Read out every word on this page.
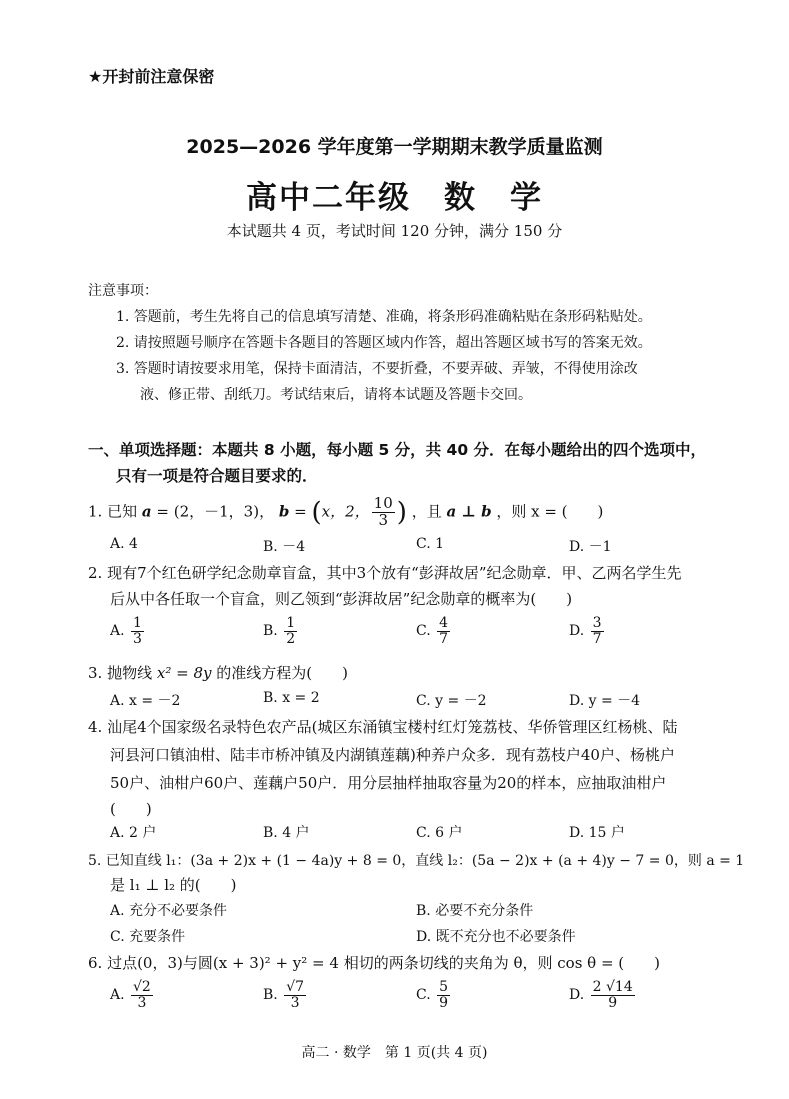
★开封前注意保密
2025—2026 学年度第一学期期末教学质量监测
高中二年级　数　学
本试题共 4 页，考试时间 120 分钟，满分 150 分
注意事项：
1. 答题前，考生先将自己的信息填写清楚、准确，将条形码准确粘贴在条形码粘贴处。
2. 请按照题号顺序在答题卡各题目的答题区域内作答，超出答题区域书写的答案无效。
3. 答题时请按要求用笔，保持卡面清洁，不要折叠，不要弄破、弄皱，不得使用涂改
液、修正带、刮纸刀。考试结束后，请将本试题及答题卡交回。
一、单项选择题：本题共 8 小题，每小题 5 分，共 40 分．在每小题给出的四个选项中，
只有一项是符合题目要求的．
1. 已知 a = (2，－1，3)， b = (x，2， $\frac{10}{3}$ ) ，且 a ⊥ b ，则 x = (　　)
A. 4	B. －4	C. 1	D. －1
2. 现有7个红色研学纪念勋章盲盒，其中3个放有“彭湃故居”纪念勋章．甲、乙两名学生先
后从中各任取一个盲盒，则乙领到“彭湃故居”纪念勋章的概率为(　　)
A. $\frac{1}{3}$	B. $\frac{1}{2}$	C. $\frac{4}{7}$	D. $\frac{3}{7}$
3. 抛物线 x² = 8y 的准线方程为(　　)
A. x = －2	B. x = 2	C. y = －2	D. y = －4
4. 汕尾4个国家级名录特色农产品(城区东涌镇宝楼村红灯笼荔枝、华侨管理区红杨桃、陆
河县河口镇油柑、陆丰市桥冲镇及内湖镇莲藕)种养户众多．现有荔枝户40户、杨桃户
50户、油柑户60户、莲藕户50户．用分层抽样抽取容量为20的样本，应抽取油柑户
(　　)
A. 2 户	B. 4 户	C. 6 户	D. 15 户
5. 已知直线 l₁：(3a + 2)x + (1 − 4a)y + 8 = 0，直线 l₂：(5a − 2)x + (a + 4)y − 7 = 0，则 a = 1
是 l₁ ⊥ l₂ 的(　　)
A. 充分不必要条件	B. 必要不充分条件
C. 充要条件	D. 既不充分也不必要条件
6. 过点(0，3)与圆(x + 3)² + y² = 4 相切的两条切线的夹角为 θ，则 cos θ = (　　)
A. $\frac{√2}{3}$	B. $\frac{√7}{3}$	C. $\frac{5}{9}$	D. $\frac{2 √14}{9}$
高二 · 数学　第 1 页(共 4 页)
